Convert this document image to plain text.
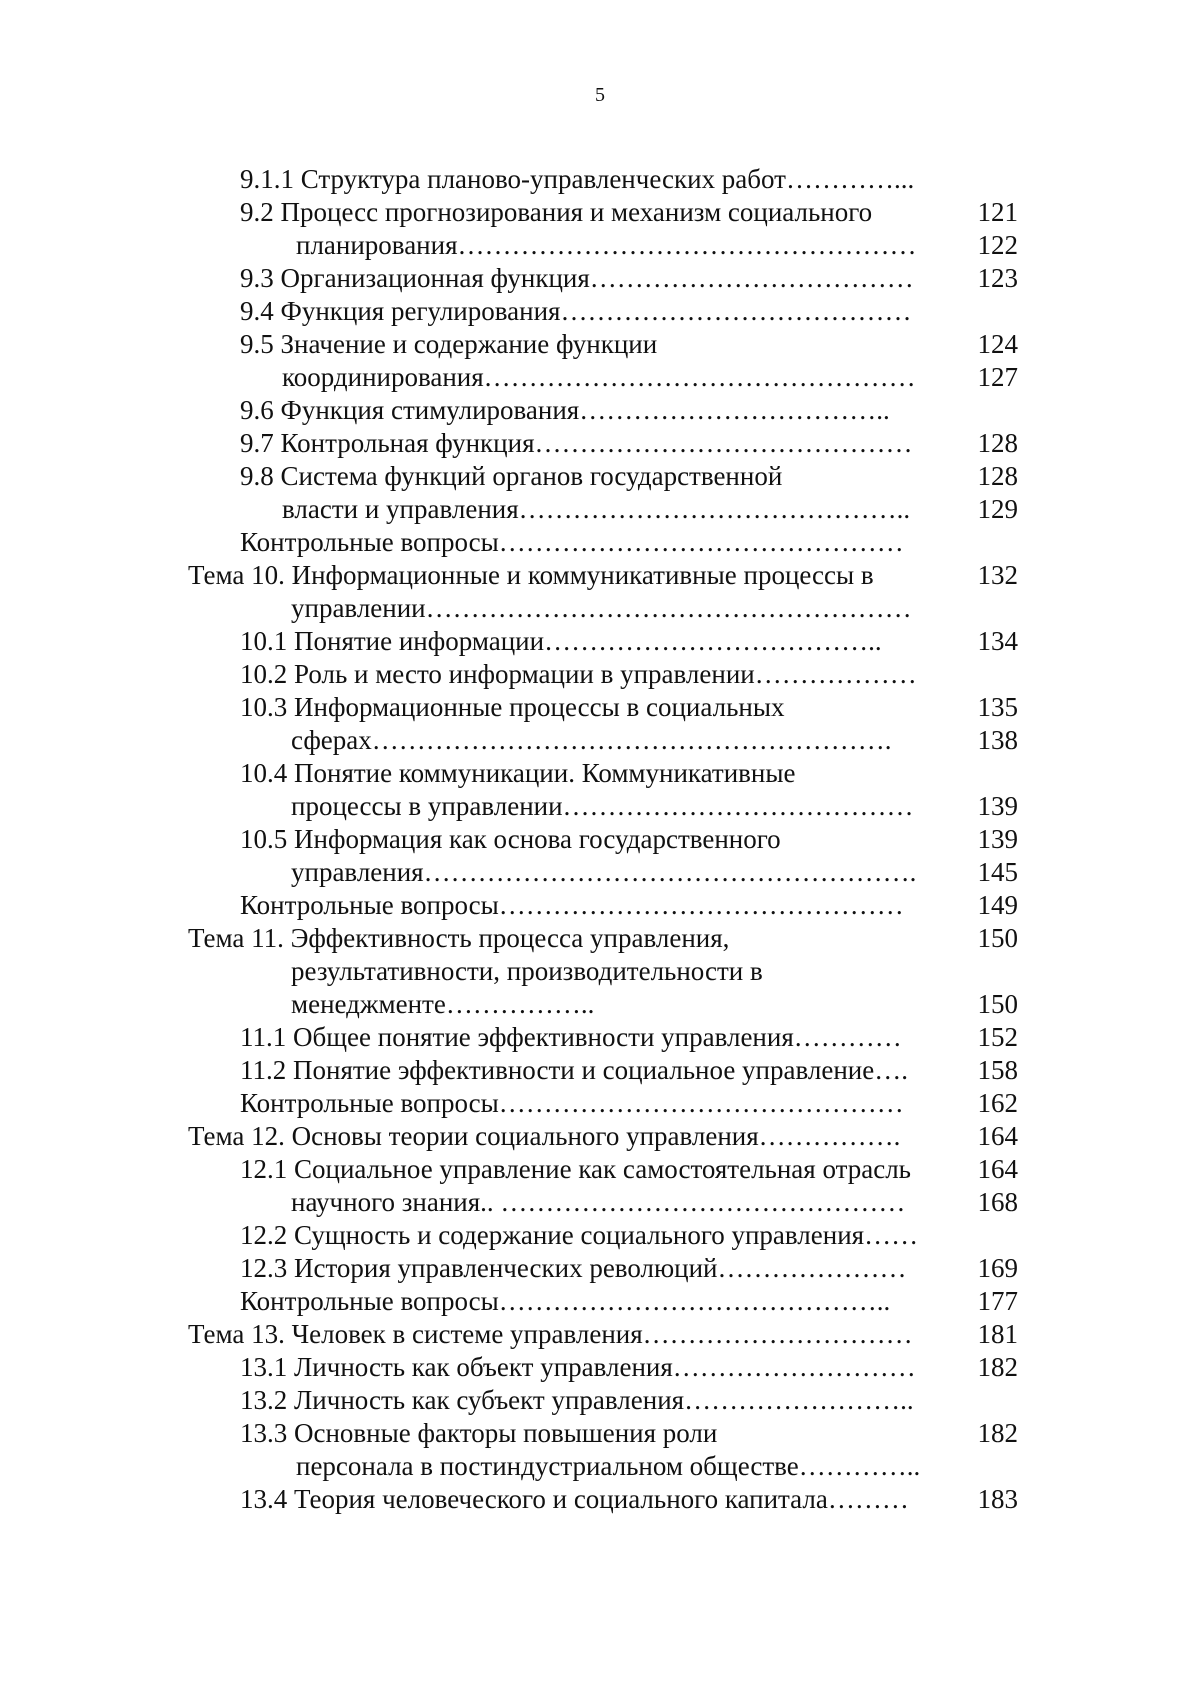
5
9.1.1 Структура планово-управленческих работ…………...
9.2 Процесс прогнозирования и механизм социального	121
планирования…………………………………………… 122
9.3 Организационная функция……………………………… 123
9.4 Функция регулирования…………………………………
9.5 Значение и содержание функции	124
координирования………………………………………… 127
9.6 Функция стимулирования……………………………..
9.7 Контрольная функция…………………………………… 128
9.8 Система функций органов государственной	128
власти и управления…………………………………….. 129
Контрольные вопросы………………………………………
Тема 10. Информационные и коммуникативные процессы в	132
управлении………………………………………………
10.1 Понятие информации………………………………..	134
10.2 Роль и место информации в управлении………………
10.3 Информационные процессы в социальных	135
сферах………………………………………………….	138
10.4 Понятие коммуникации. Коммуникативные
процессы в управлении………………………………… 139
10.5 Информация как основа государственного	139
управления………………………………………………. 145
Контрольные вопросы………………………………………	149
Тема 11. Эффективность процесса управления,	150
результативности, производительности в
менеджменте……………..	150
11.1 Общее понятие эффективности управления…………	152
11.2 Понятие эффективности и социальное управление….	158
Контрольные вопросы………………………………………	162
Тема 12. Основы теории социального управления…………….	164
12.1 Социальное управление как самостоятельная отрасль 164
научного знания.. ………………………………………	168
12.2 Сущность и содержание социального управления……
12.3 История управленческих революций…………………	169
Контрольные вопросы……………………………………..	177
Тема 13. Человек в системе управления………………………… 181
13.1 Личность как объект управления……………………… 182
13.2 Личность как субъект управления……………………..
13.3 Основные факторы повышения роли	182
персонала в постиндустриальном обществе…………..
13.4 Теория человеческого и социального капитала………	183
